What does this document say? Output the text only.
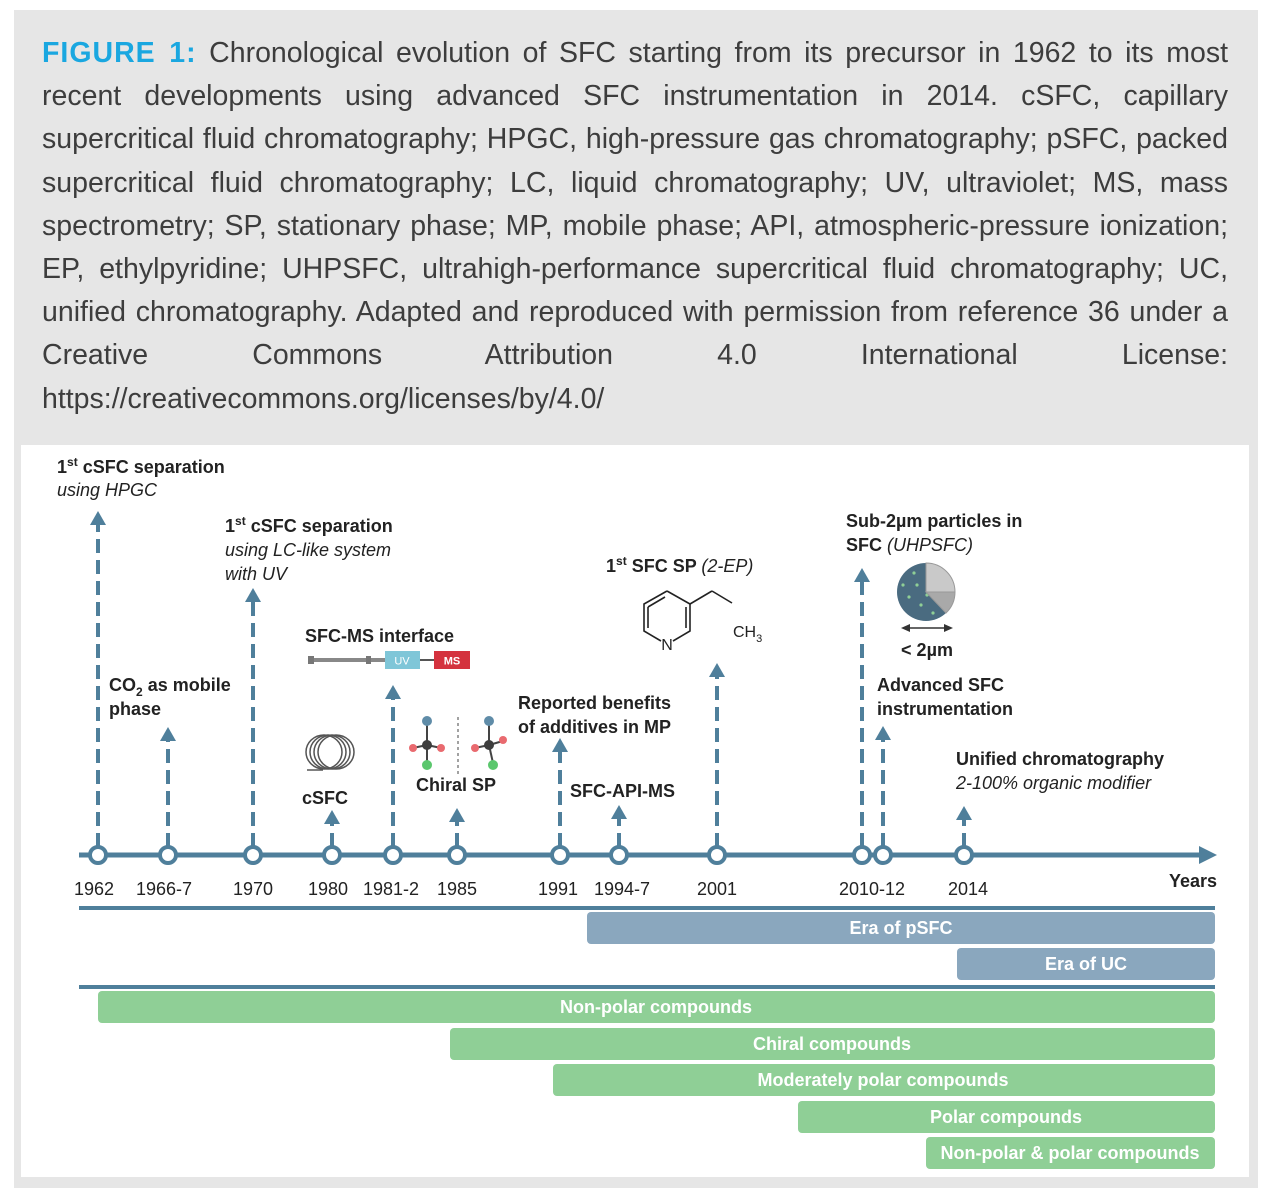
FIGURE 1: Chronological evolution of SFC starting from its precursor in 1962 to its most recent developments using advanced SFC instrumentation in 2014. cSFC, capillary supercritical fluid chromatography; HPGC, high-pressure gas chromatography; pSFC, packed supercritical fluid chromatography; LC, liquid chromatography; UV, ultraviolet; MS, mass spectrometry; SP, stationary phase; MP, mobile phase; API, atmospheric-pressure ionization; EP, ethylpyridine; UHPSFC, ultrahigh-performance supercritical fluid chromatography; UC, unified chromatography. Adapted and reproduced with permission from reference 36 under a Creative Commons Attribution 4.0 International License: https://creativecommons.org/licenses/by/4.0/

1962 1966-7 1970 1980 1981-2 1985	1991 1994-7	2001	2010-12 2014	Years
1st cSFC separation
using HPGC
$CO_2$ as mobile
phase
1st cSFC separation
using LC-like system
with UV
cSFC
SFC-MS interface
UV	MS
Chiral SP
Reported benefits
of additives in MP
SFC-API-MS
1st SFC SP (2-EP)
N
$CH_3$
Sub-2µm particles in
SFC (UHPSFC)
< 2µm
Advanced SFC
instrumentation
Unified chromatography
2-100% organic modifier
Era of pSFC
Era of UC
Non-polar compounds
Chiral compounds
Moderately polar compounds
Polar compounds
Non-polar & polar compounds
